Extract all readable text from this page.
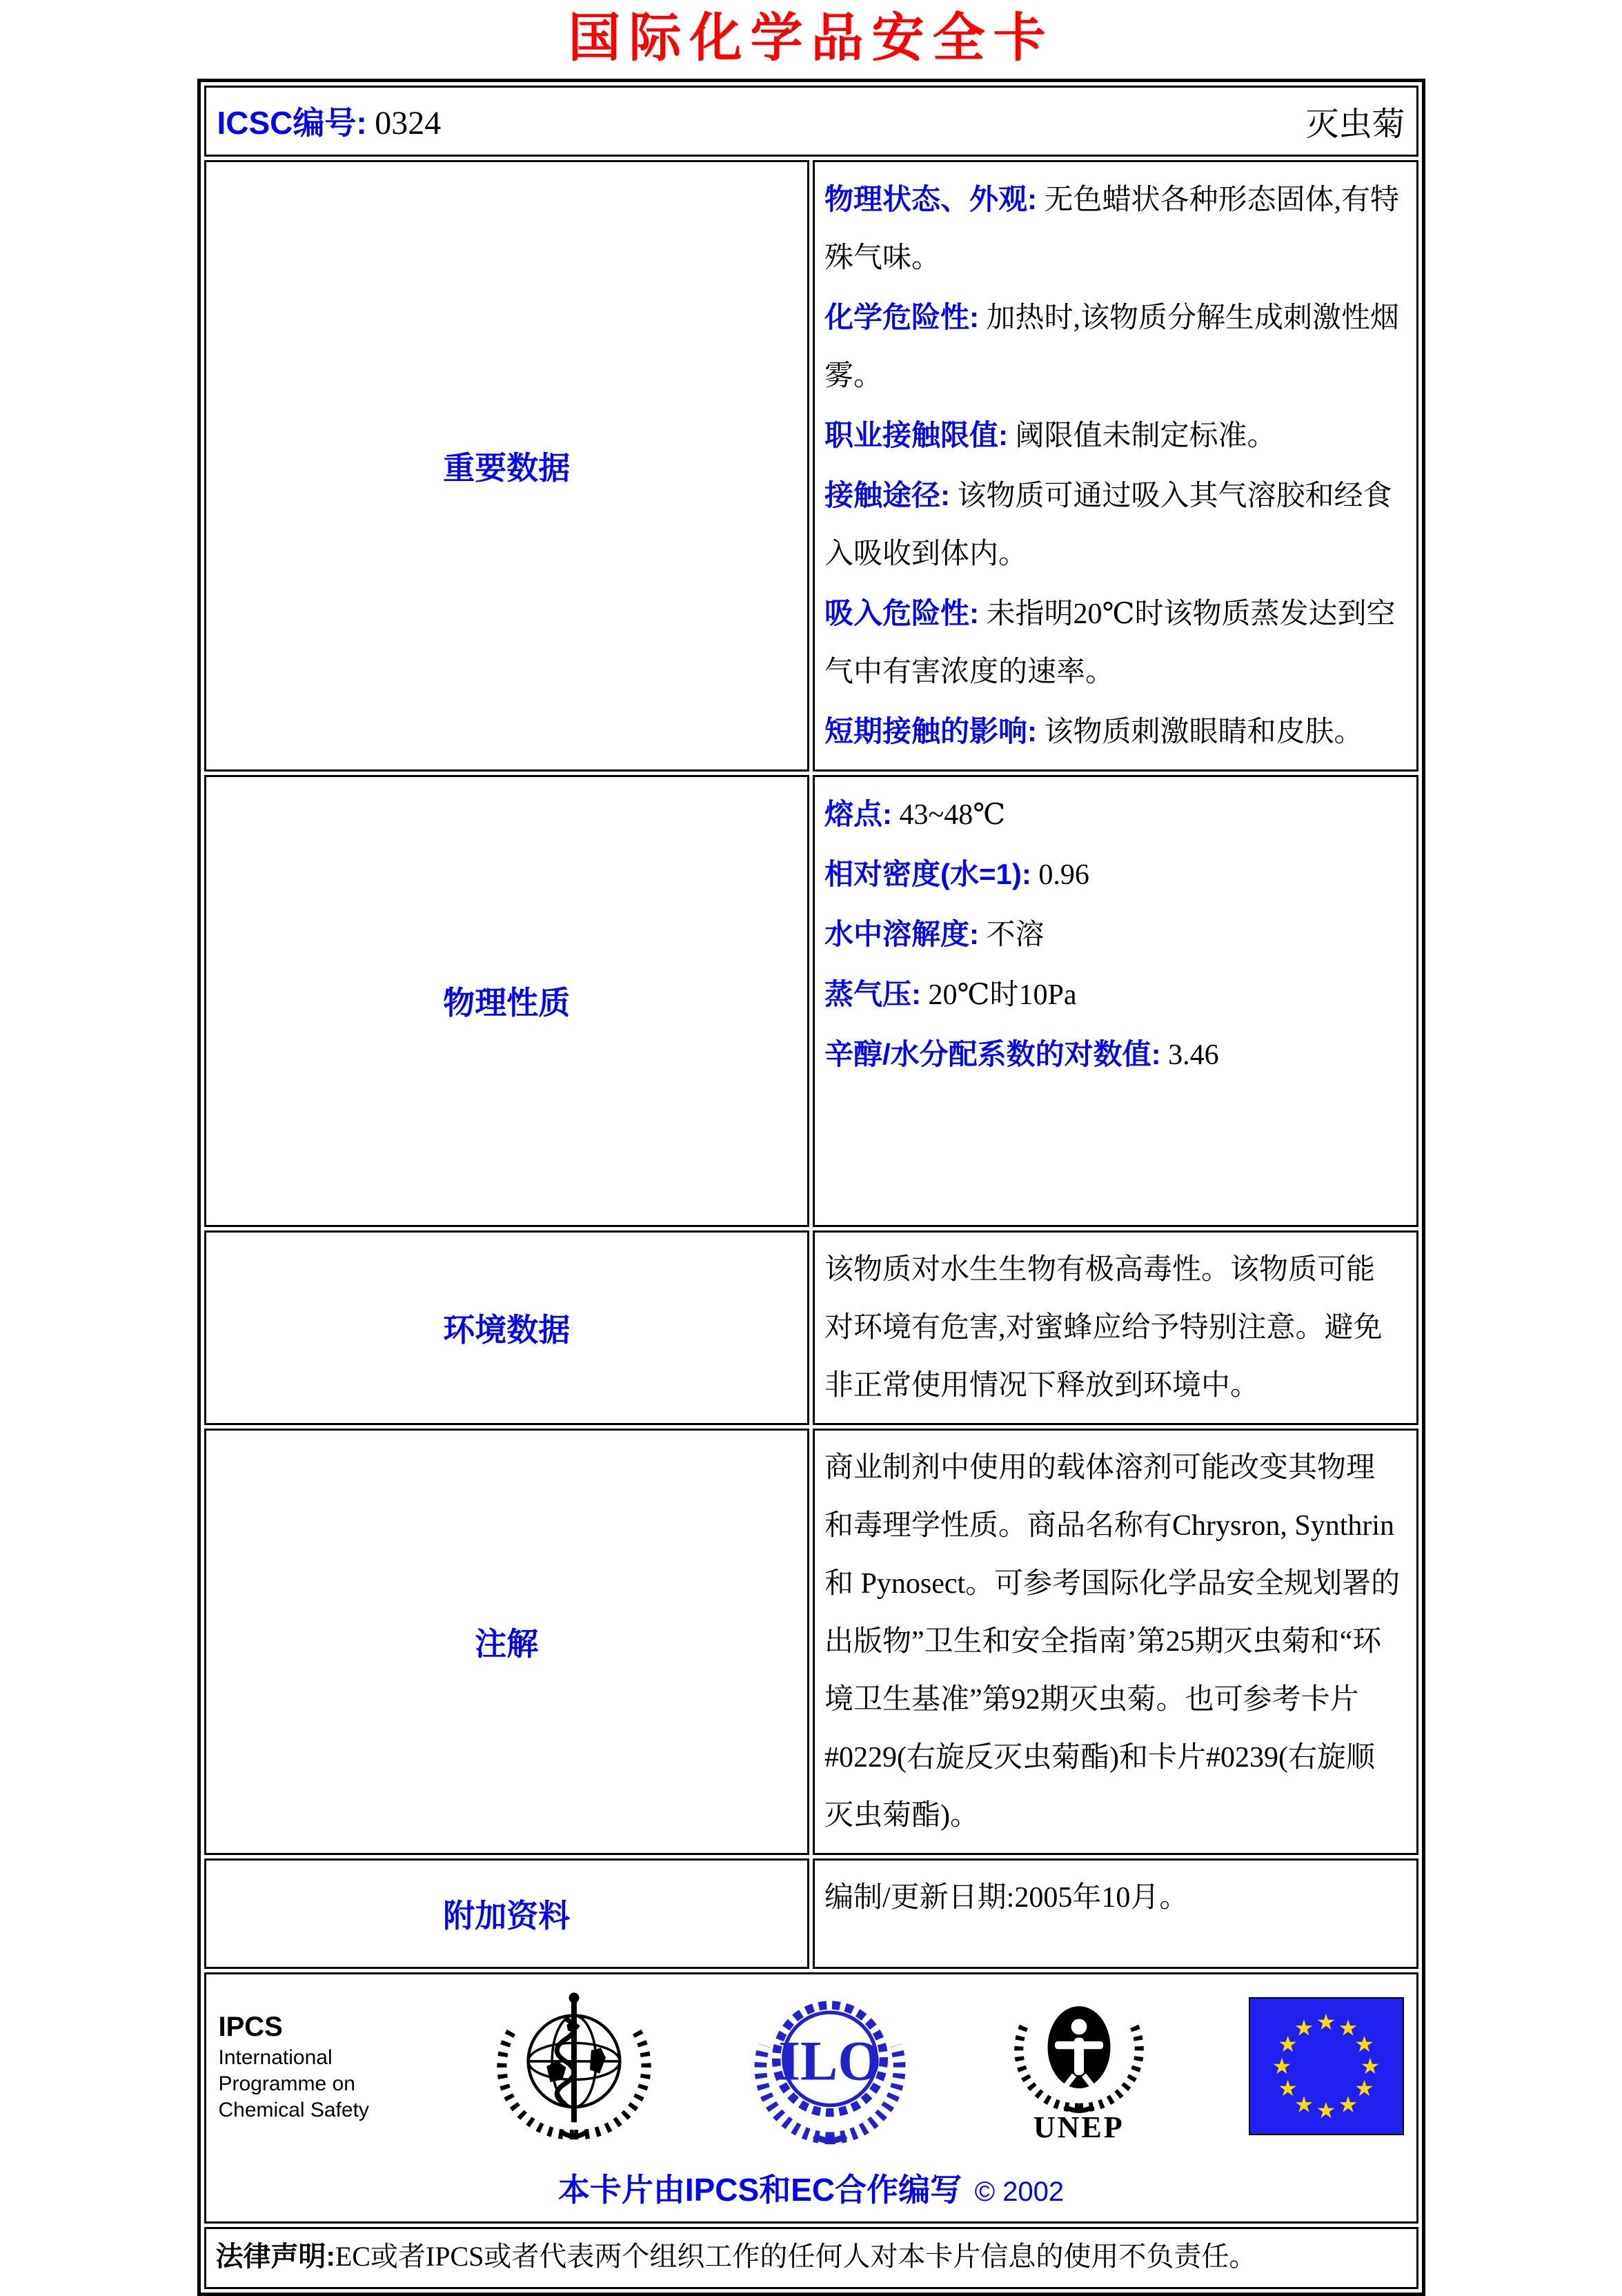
国际化学品安全卡
ICSC编号: 0324 灭虫菊	

重要数据	

物理状态、外观: 无色蜡状各种形态固体,有特殊气味。

化学危险性: 加热时,该物质分解生成刺激性烟雾。

职业接触限值: 阈限值未制定标准。

接触途径: 该物质可通过吸入其气溶胶和经食入吸收到体内。

吸入危险性: 未指明20℃时该物质蒸发达到空气中有害浓度的速率。

短期接触的影响: 该物质刺激眼睛和皮肤。

物理性质	熔点: 43~48℃

相对密度(水=1): 0.96

水中溶解度: 不溶

蒸气压: 20℃时10Pa

辛醇/水分配系数的对数值: 3.46

环境数据	该物质对水生生物有极高毒性。该物质可能对环境有危害,对蜜蜂应给予特别注意。避免非正常使用情况下释放到环境中。

注解	商业制剂中使用的载体溶剂可能改变其物理和毒理学性质。商品名称有Chrysron, Synthrin和 Pynosect。可参考国际化学品安全规划署的出版物”卫生和安全指南’第25期灭虫菊和“环境卫生基准”第92期灭虫菊。也可参考卡片#0229(右旋反灭虫菊酯)和卡片#0239(右旋顺灭虫菊酯)。

附加资料	编制/更新日期:2005年10月。

IPCS
International
Programme on
Chemical Safety
ILO
UNEP
★ ★
★
★
★
★
★
★
★
★
★
★
本卡片由IPCS和EC合作编写 © 2002

法律声明:EC或者IPCS或者代表两个组织工作的任何人对本卡片信息的使用不负责任。	
